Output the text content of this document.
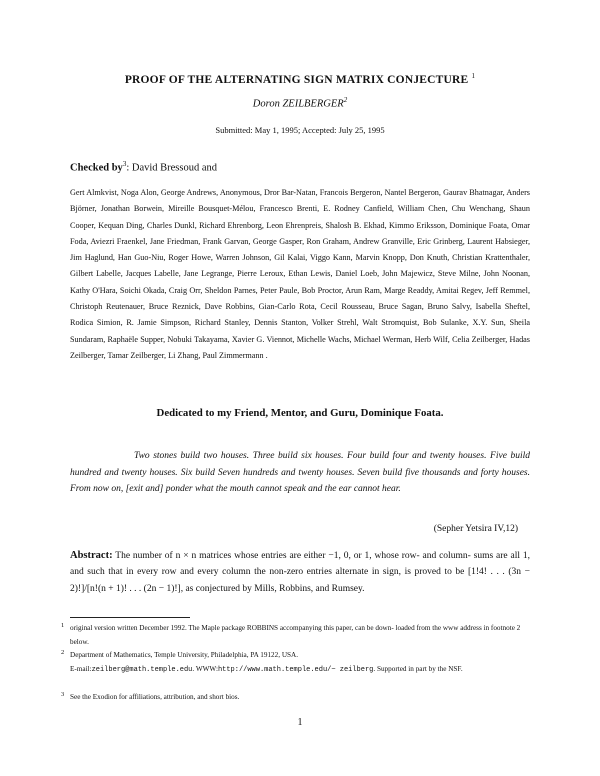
PROOF OF THE ALTERNATING SIGN MATRIX CONJECTURE $^1$
Doron ZEILBERGER$^2$
Submitted: May 1, 1995; Accepted: July 25, 1995
Checked $by^3$: David Bressoud and
Gert Almkvist, Noga Alon, George Andrews, Anonymous, Dror Bar-Natan, Francois Bergeron, Nantel Bergeron, Gaurav Bhatnagar, Anders Björner, Jonathan Borwein, Mireille Bousquet-Mélou, Francesco Brenti, E. Rodney Canfield, William Chen, Chu Wenchang, Shaun Cooper, Kequan Ding, Charles Dunkl, Richard Ehrenborg, Leon Ehrenpreis, Shalosh B. Ekhad, Kimmo Eriksson, Dominique Foata, Omar Foda, Aviezri Fraenkel, Jane Friedman, Frank Garvan, George Gasper, Ron Graham, Andrew Granville, Eric Grinberg, Laurent Habsieger, Jim Haglund, Han Guo-Niu, Roger Howe, Warren Johnson, Gil Kalai, Viggo Kann, Marvin Knopp, Don Knuth, Christian Krattenthaler, Gilbert Labelle, Jacques Labelle, Jane Legrange, Pierre Leroux, Ethan Lewis, Daniel Loeb, John Majewicz, Steve Milne, John Noonan, Kathy O'Hara, Soichi Okada, Craig Orr, Sheldon Parnes, Peter Paule, Bob Proctor, Arun Ram, Marge Readdy, Amitai Regev, Jeff Remmel, Christoph Reutenauer, Bruce Reznick, Dave Robbins, Gian-Carlo Rota, Cecil Rousseau, Bruce Sagan, Bruno Salvy, Isabella Sheftel, Rodica Simion, R. Jamie Simpson, Richard Stanley, Dennis Stanton, Volker Strehl, Walt Stromquist, Bob Sulanke, X.Y. Sun, Sheila Sundaram, Raphaële Supper, Nobuki Takayama, Xavier G. Viennot, Michelle Wachs, Michael Werman, Herb Wilf, Celia Zeilberger, Hadas Zeilberger, Tamar Zeilberger, Li Zhang, Paul Zimmermann .
Dedicated to my Friend, Mentor, and Guru, Dominique Foata.
Two stones build two houses. Three build six houses. Four build four and twenty houses. Five build hundred and twenty houses. Six build Seven hundreds and twenty houses. Seven build five thousands and forty houses. From now on, [exit and] ponder what the mouth cannot speak and the ear cannot hear.
(Sepher Yetsira IV,12)
Abstract: The number of n × n matrices whose entries are either −1, 0, or 1, whose row- and column- sums are all 1, and such that in every row and every column the non-zero entries alternate in sign, is proved to be [1!4! . . . (3n − 2)!]/[n!(n + 1)! . . . (2n − 1)!], as conjectured by Mills, Robbins, and Rumsey.
1 original version written December 1992. The Maple package ROBBINS accompanying this paper, can be down- loaded from the www address in footnote 2 below.
2 Department of Mathematics, Temple University, Philadelphia, PA 19122, USA.
E-mail:zeilberg@math.temple.edu. WWW:http://www.math.temple.edu/~ zeilberg. Supported in part by the NSF.
3 See the Exodion for affiliations, attribution, and short bios.
1
